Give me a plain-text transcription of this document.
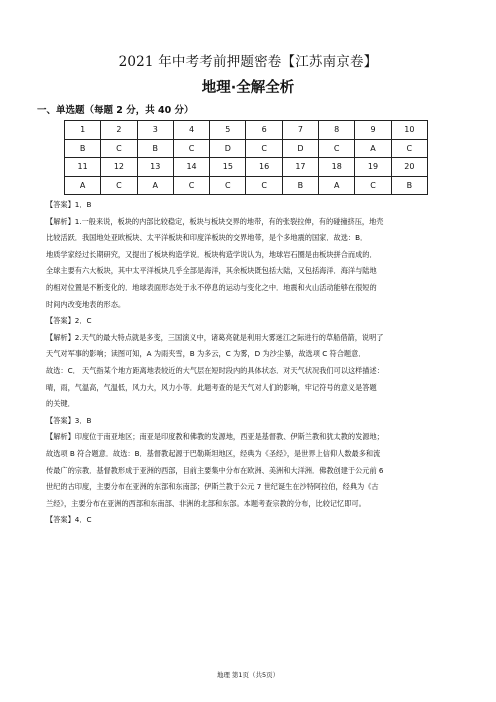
2021 年中考考前押题密卷【江苏南京卷】
地理·全解全析
一、单选题（每题 2 分，共 40 分）
1	2	3	4	5	6	7	8	9	10
B	C	B	C	D	C	D	C	A	C
11	12	13	14	15	16	17	18	19	20
A	C	A	C	C	C	B	A	C	B
【答案】1．B
【解析】1.一般来说，板块的内部比较稳定，板块与板块交界的地带，有的张裂拉伸，有的碰撞挤压，地壳
比较活跃．我国地处亚欧板块、太平洋板块和印度洋板块的交界地带，是个多地震的国家．故选：B．
地质学家经过长期研究，又提出了板块构造学说．板块构造学说认为，地球岩石圈是由板块拼合而成的．
全球主要有六大板块，其中太平洋板块几乎全部是海洋，其余板块既包括大陆，又包括海洋．海洋与陆地
的相对位置是不断变化的．地球表面形态处于永不停息的运动与变化之中．地震和火山活动能够在很短的
时间内改变地表的形态。
【答案】2．C
【解析】2.天气的最大特点就是多变，三国演义中，诸葛亮就是利用大雾迷江之际进行的草船借箭，说明了
天气对军事的影响；读图可知，A 为雨夹雪，B 为多云，C 为雾，D 为沙尘暴，故选项 C 符合题意．
故选：C． 天气指某个地方距离地表较近的大气层在短时段内的具体状态．对天气状况我们可以这样描述：
晴，雨，气温高，气温低，风力大，风力小等．此题考查的是天气对人们的影响，牢记符号的意义是答题
的关键．
【答案】3．B
【解析】印度位于南亚地区；南亚是印度教和佛教的发源地，西亚是基督教、伊斯兰教和犹太教的发源地；
故选项 B 符合题意．故选：B．基督教起源于巴勒斯坦地区，经典为《圣经》，是世界上信仰人数最多和流
传最广的宗教．基督教形成于亚洲的西部，目前主要集中分布在欧洲、美洲和大洋洲．佛教创建于公元前 6
世纪的古印度，主要分布在亚洲的东部和东南部；伊斯兰教于公元 7 世纪诞生在沙特阿拉伯，经典为《古
兰经》，主要分布在亚洲的西部和东南部、非洲的北部和东部。本题考查宗教的分布，比较记忆即可。
【答案】4．C
地理 第1页（共5页）
